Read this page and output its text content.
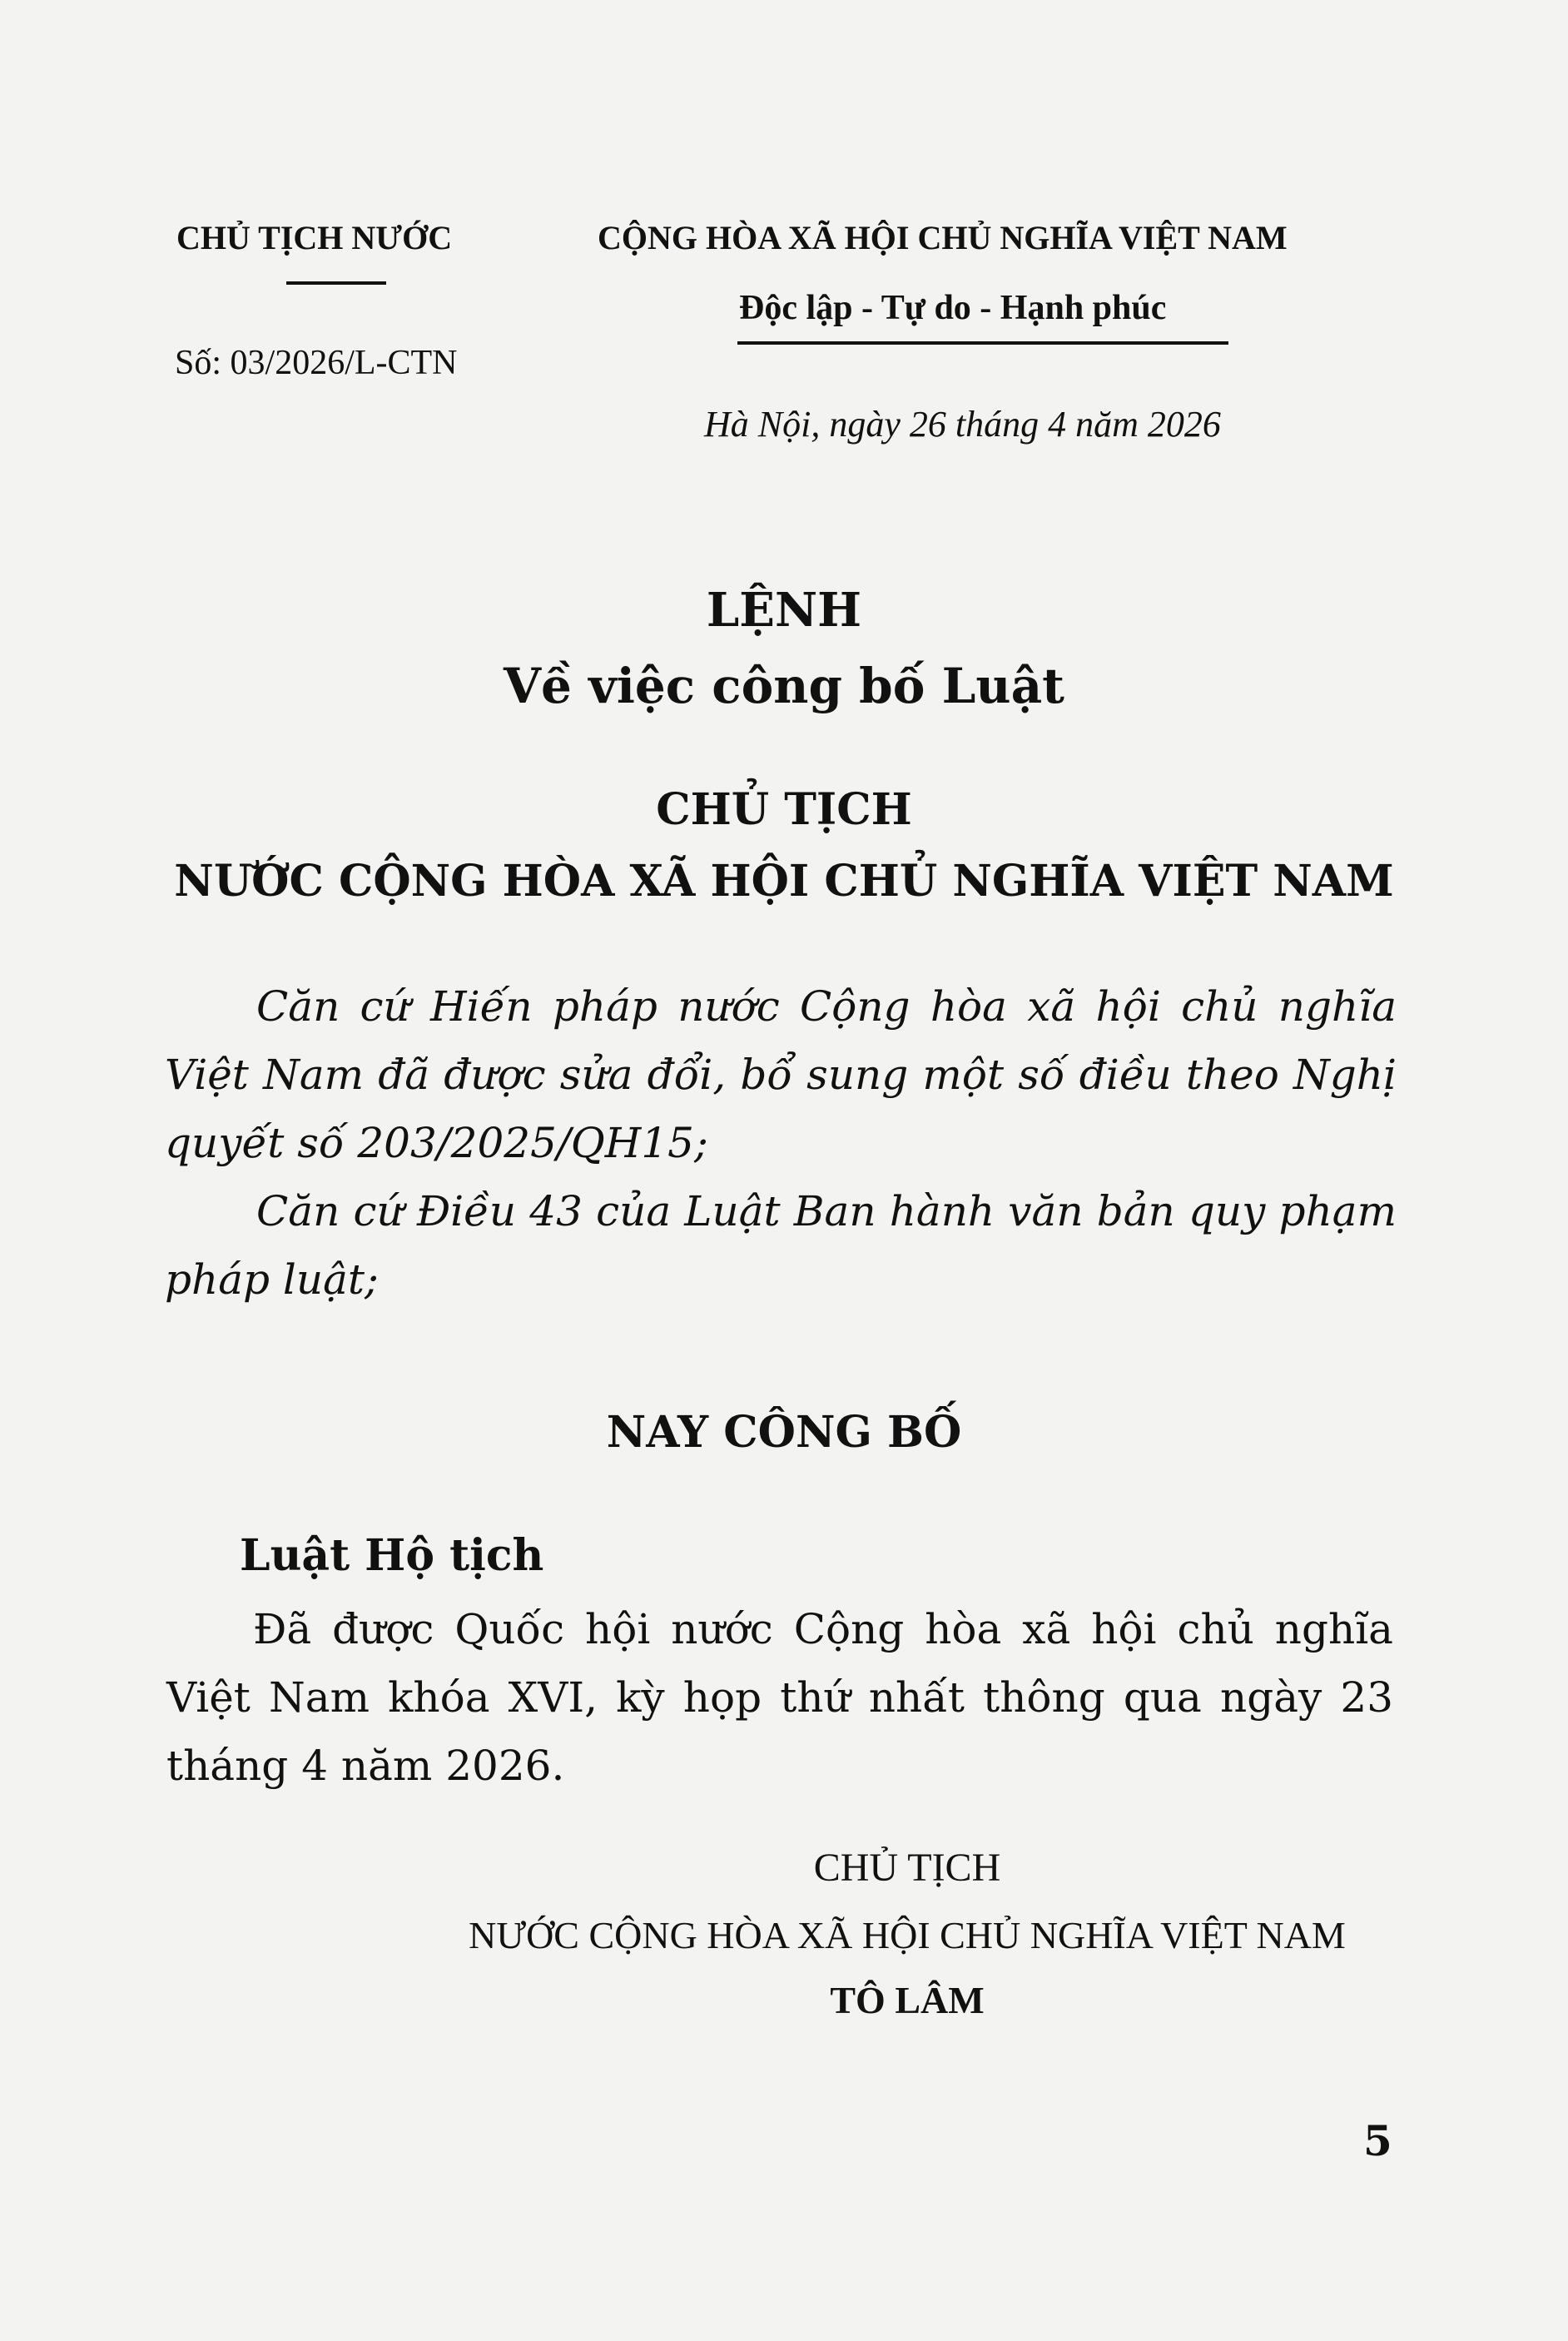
CHỦ TỊCH NƯỚC
Số: 03/2026/L-CTN
CỘNG HÒA XÃ HỘI CHỦ NGHĨA VIỆT NAM
Độc lập - Tự do - Hạnh phúc
Hà Nội, ngày 26 tháng 4 năm 2026
LỆNH
Về việc công bố Luật
CHỦ TỊCH
NƯỚC CỘNG HÒA XÃ HỘI CHỦ NGHĨA VIỆT NAM
Căn cứ Hiến pháp nước Cộng hòa xã hội chủ nghĩa Việt Nam đã được sửa đổi, bổ sung một số điều theo Nghị quyết số 203/2025/QH15;
Căn cứ Điều 43 của Luật Ban hành văn bản quy phạm pháp luật;
NAY CÔNG BỐ
Luật Hộ tịch
Đã được Quốc hội nước Cộng hòa xã hội chủ nghĩa Việt Nam khóa XVI, kỳ họp thứ nhất thông qua ngày 23 tháng 4 năm 2026.
CHỦ TỊCH
NƯỚC CỘNG HÒA XÃ HỘI CHỦ NGHĨA VIỆT NAM
TÔ LÂM
5
